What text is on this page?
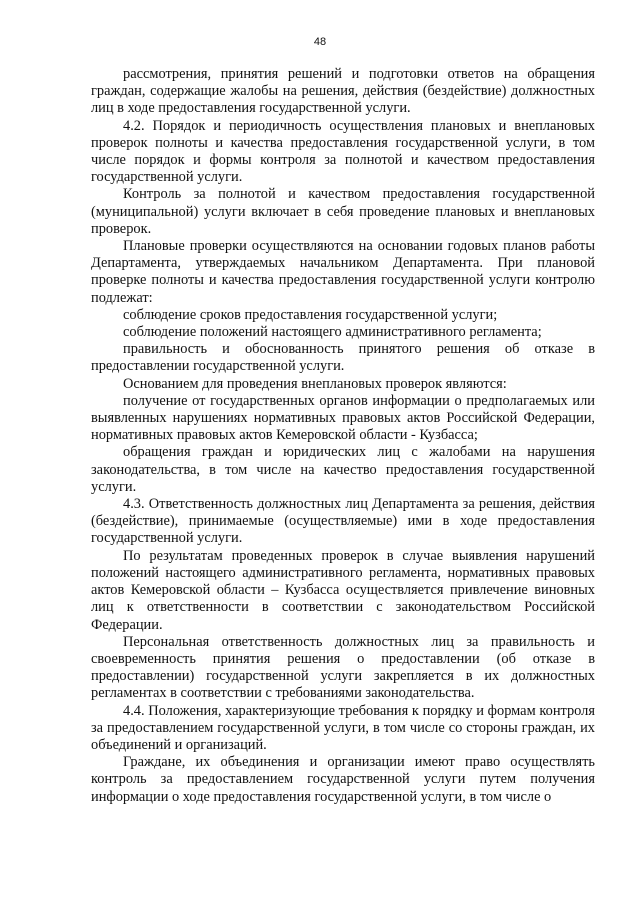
48

рассмотрения, принятия решений и подготовки ответов на обращения граждан, содержащие жалобы на решения, действия (бездействие) должностных лиц в ходе предоставления государственной услуги.

4.2. Порядок и периодичность осуществления плановых и внеплановых проверок полноты и качества предоставления государственной услуги, в том числе порядок и формы контроля за полнотой и качеством предоставления государственной услуги.

Контроль за полнотой и качеством предоставления государственной (муниципальной) услуги включает в себя проведение плановых и внеплановых проверок.

Плановые проверки осуществляются на основании годовых планов работы Департамента, утверждаемых начальником Департамента. При плановой проверке полноты и качества предоставления государственной услуги контролю подлежат:

соблюдение сроков предоставления государственной услуги;

соблюдение положений настоящего административного регламента;

правильность и обоснованность принятого решения об отказе в предоставлении государственной услуги.

Основанием для проведения внеплановых проверок являются:

получение от государственных органов информации о предполагаемых или выявленных нарушениях нормативных правовых актов Российской Федерации, нормативных правовых актов Кемеровской области - Кузбасса;

обращения граждан и юридических лиц с жалобами на нарушения законодательства, в том числе на качество предоставления государственной услуги.

4.3. Ответственность должностных лиц Департамента за решения, действия (бездействие), принимаемые (осуществляемые) ими в ходе предоставления государственной услуги.

По результатам проведенных проверок в случае выявления нарушений положений настоящего административного регламента, нормативных правовых актов Кемеровской области – Кузбасса осуществляется привлечение виновных лиц к ответственности в соответствии с законодательством Российской Федерации.

Персональная ответственность должностных лиц за правильность и своевременность принятия решения о предоставлении (об отказе в предоставлении) государственной услуги закрепляется в их должностных регламентах в соответствии с требованиями законодательства.

4.4. Положения, характеризующие требования к порядку и формам контроля за предоставлением государственной услуги, в том числе со стороны граждан, их объединений и организаций.

Граждане, их объединения и организации имеют право осуществлять контроль за предоставлением государственной услуги путем получения информации о ходе предоставления государственной услуги, в том числе о
